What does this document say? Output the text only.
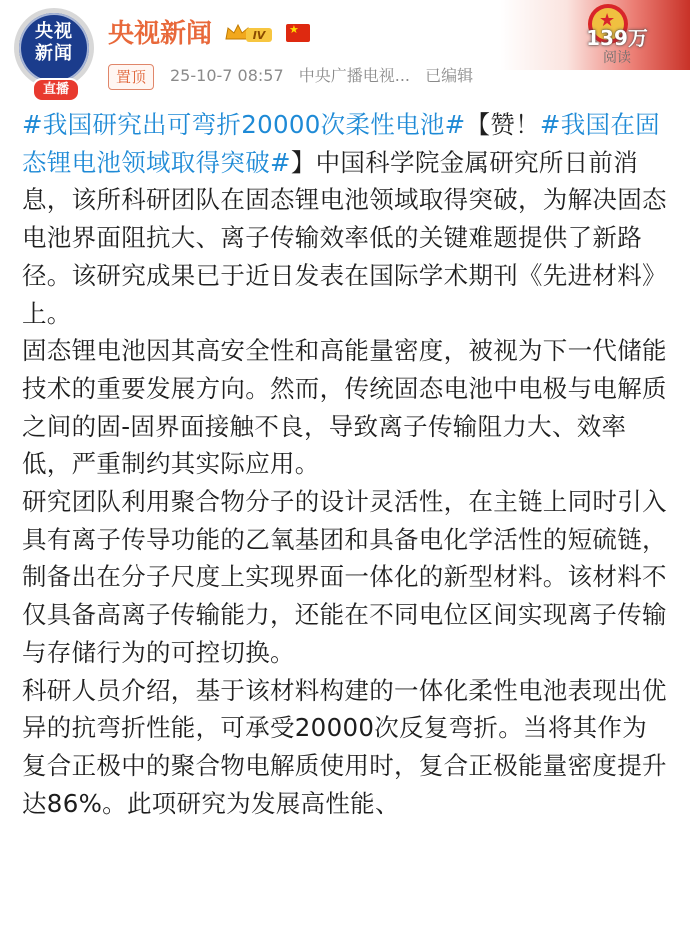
央视
新闻
直播
央视新闻	IV ★
置顶	25-10-7 08:57 中央广播电视... 已编辑
★
139万
阅读

#我国研究出可弯折20000次柔性电池#【赞！#我国在固态锂电池领域取得突破#】中国科学院金属研究所日前消息，该所科研团队在固态锂电池领域取得突破，为解决固态电池界面阻抗大、离子传输效率低的关键难题提供了新路径。该研究成果已于近日发表在国际学术期刊《先进材料》上。

固态锂电池因其高安全性和高能量密度，被视为下一代储能技术的重要发展方向。然而，传统固态电池中电极与电解质之间的固-固界面接触不良，导致离子传输阻力大、效率低，严重制约其实际应用。

研究团队利用聚合物分子的设计灵活性，在主链上同时引入具有离子传导功能的乙氧基团和具备电化学活性的短硫链，制备出在分子尺度上实现界面一体化的新型材料。该材料不仅具备高离子传输能力，还能在不同电位区间实现离子传输与存储行为的可控切换。

科研人员介绍，基于该材料构建的一体化柔性电池表现出优异的抗弯折性能，可承受20000次反复弯折。当将其作为复合正极中的聚合物电解质使用时，复合正极能量密度提升达86%。此项研究为发展高性能、
